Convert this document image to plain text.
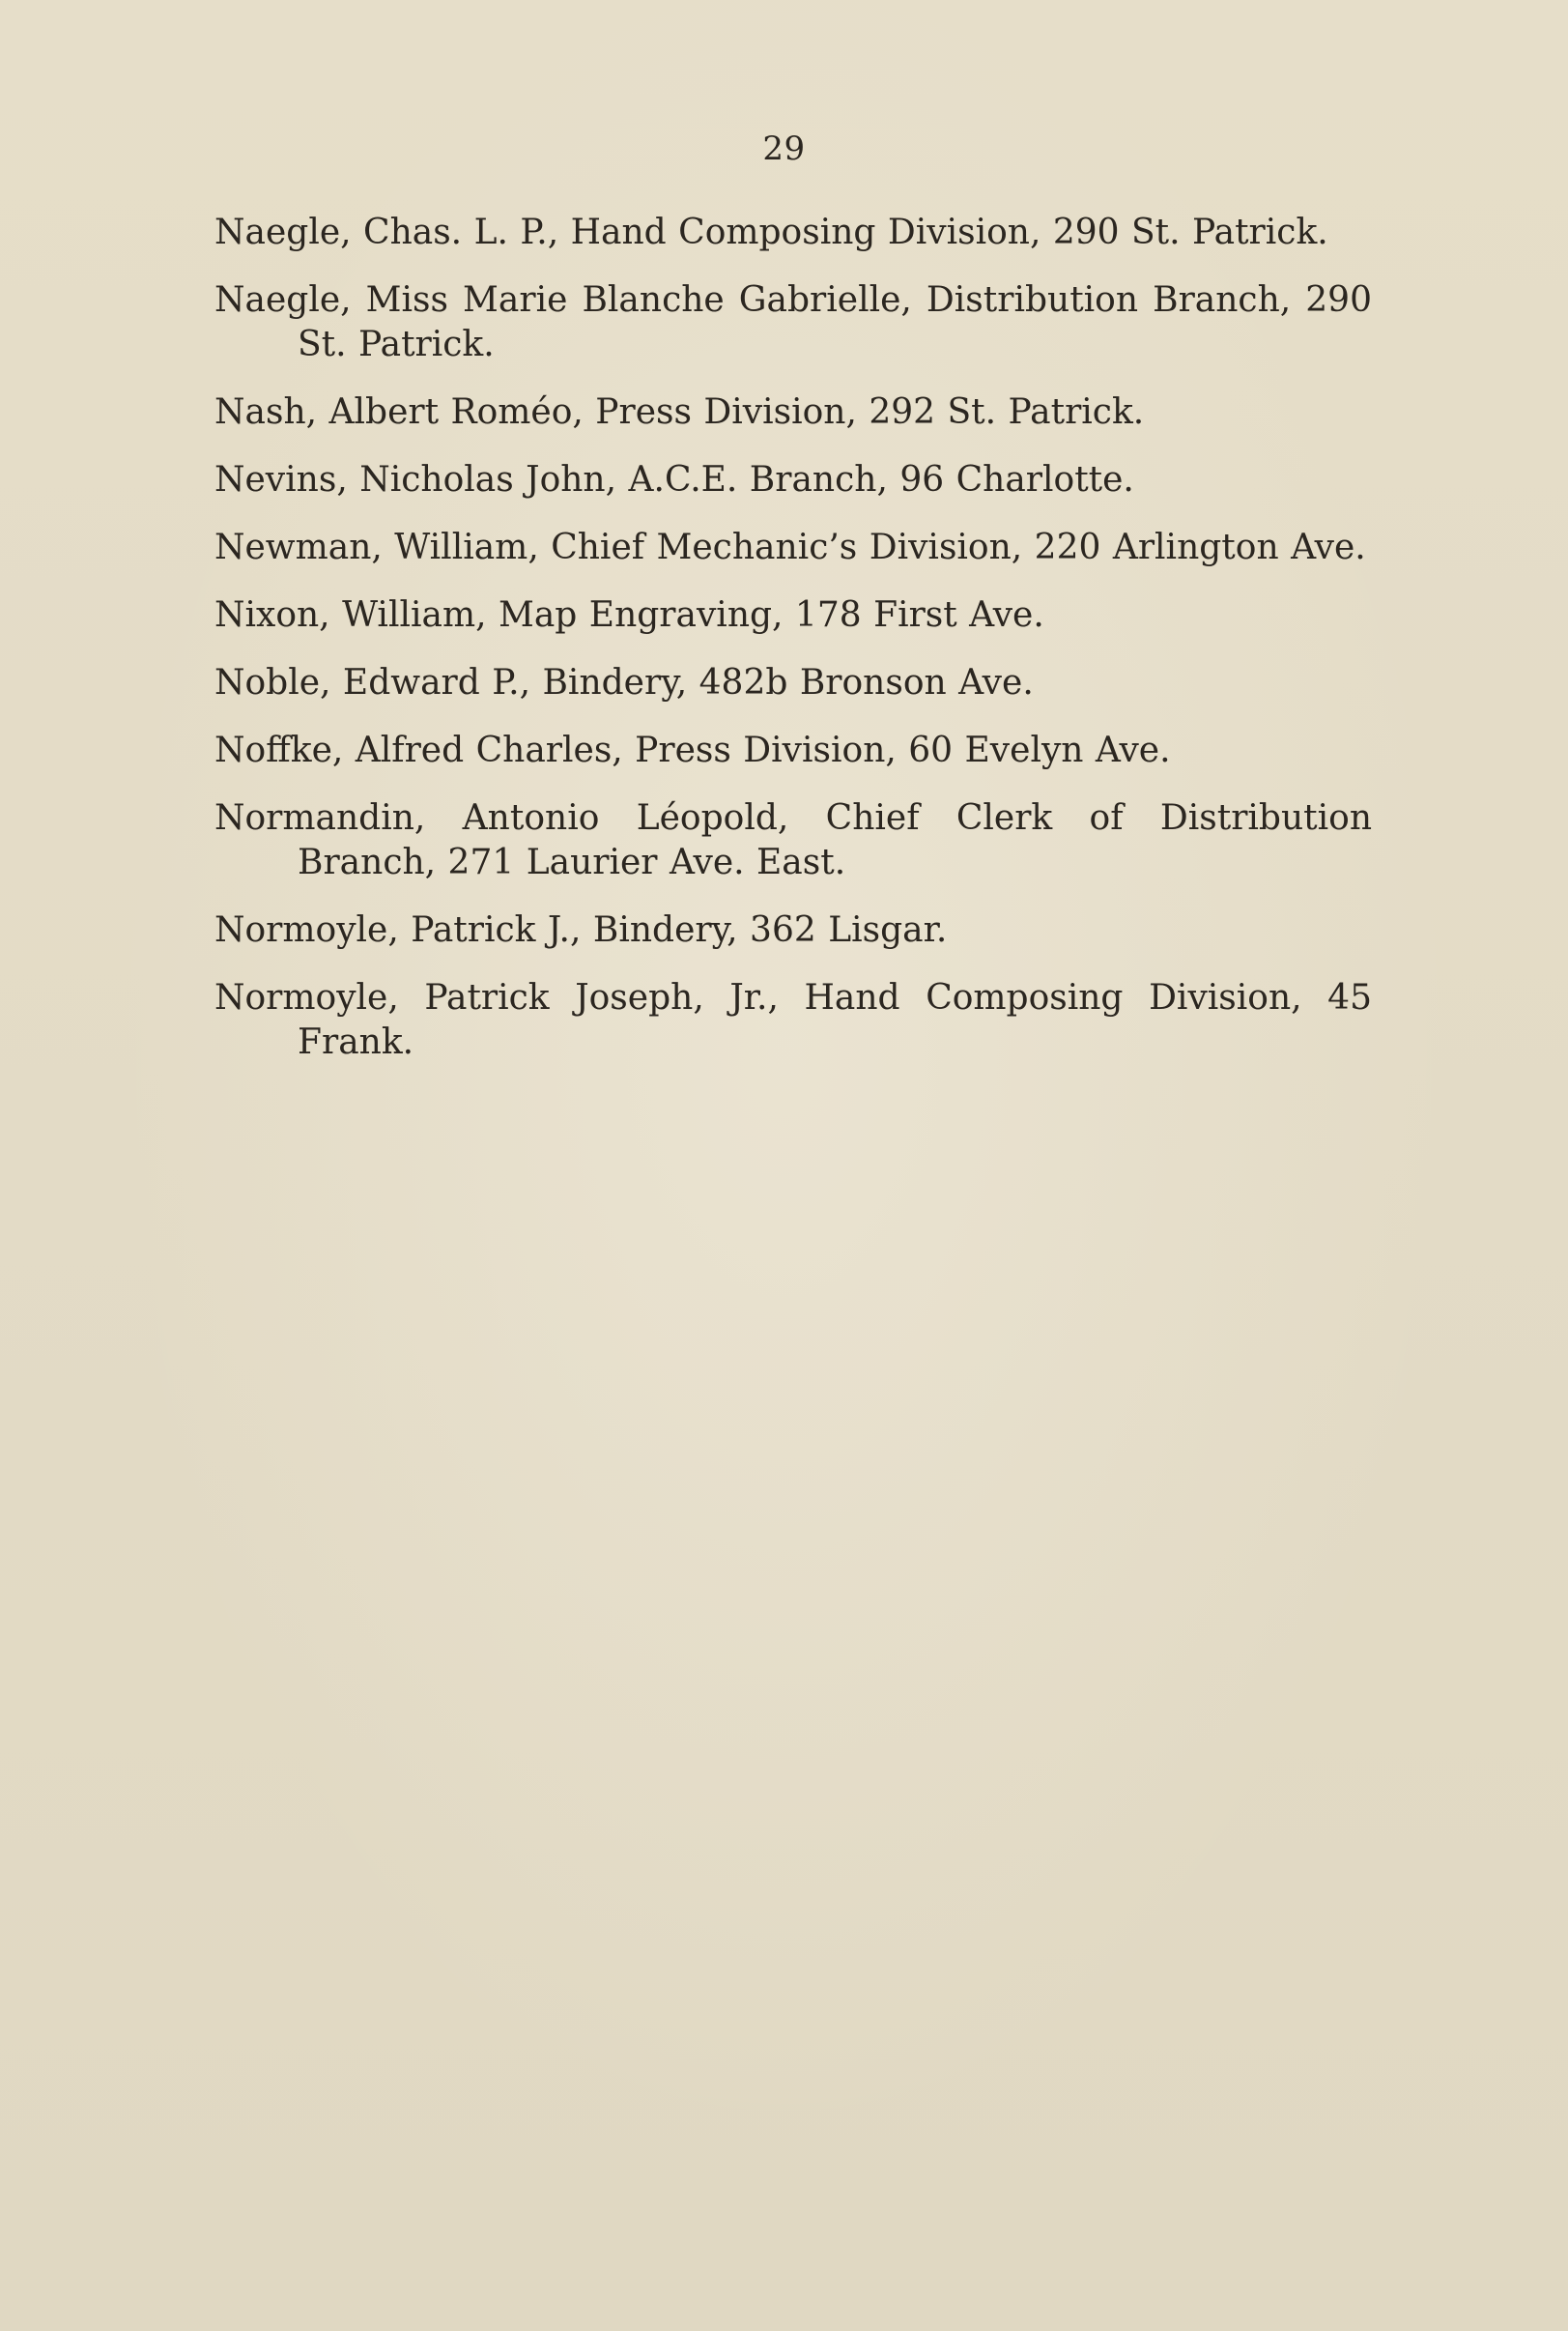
29
Naegle, Chas. L. P., Hand Composing Division, 290 St. Patrick.
Naegle, Miss Marie Blanche Gabrielle, Distribution Branch, 290 St. Patrick.
Nash, Albert Roméo, Press Division, 292 St. Patrick.
Nevins, Nicholas John, A.C.E. Branch, 96 Charlotte.
Newman, William, Chief Mechanic’s Division, 220 Arlington Ave.
Nixon, William, Map Engraving, 178 First Ave.
Noble, Edward P., Bindery, 482b Bronson Ave.
Noffke, Alfred Charles, Press Division, 60 Evelyn Ave.
Normandin, Antonio Léopold, Chief Clerk of Distribution Branch, 271 Laurier Ave. East.
Normoyle, Patrick J., Bindery, 362 Lisgar.
Normoyle, Patrick Joseph, Jr., Hand Composing Division, 45 Frank.
